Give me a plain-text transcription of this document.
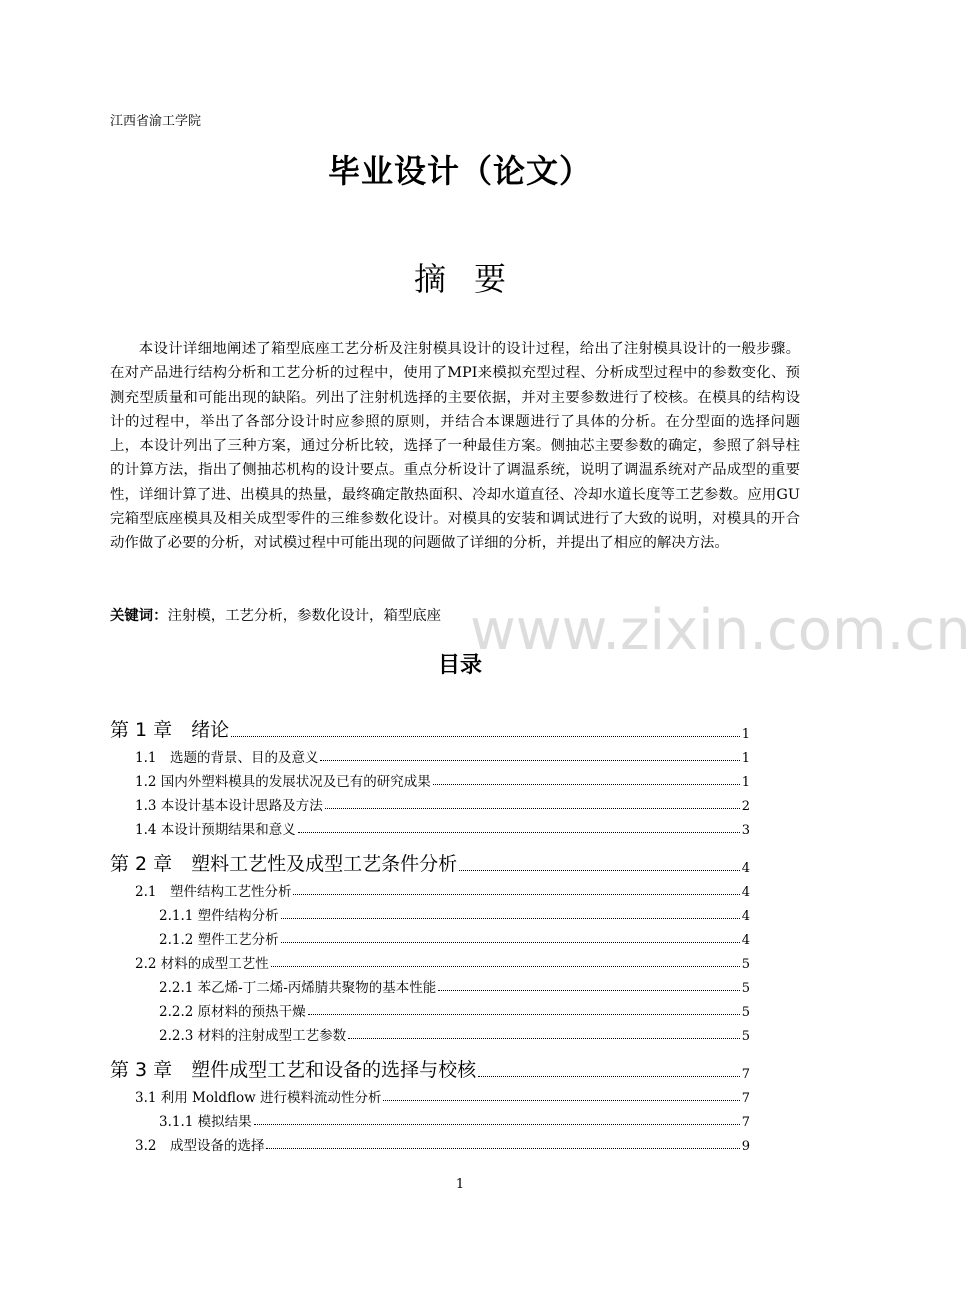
江西省渝工学院
毕业设计（论文）
摘要
本设计详细地阐述了箱型底座工艺分析及注射模具设计的设计过程，给出了注射模具设计的一般步骤。在对产品进行结构分析和工艺分析的过程中，使用了MPI来模拟充型过程、分析成型过程中的参数变化、预测充型质量和可能出现的缺陷。列出了注射机选择的主要依据，并对主要参数进行了校核。在模具的结构设计的过程中，举出了各部分设计时应参照的原则，并结合本课题进行了具体的分析。在分型面的选择问题上，本设计列出了三种方案，通过分析比较，选择了一种最佳方案。侧抽芯主要参数的确定，参照了斜导柱的计算方法，指出了侧抽芯机构的设计要点。重点分析设计了调温系统，说明了调温系统对产品成型的重要性，详细计算了进、出模具的热量，最终确定散热面积、冷却水道直径、冷却水道长度等工艺参数。应用GU完箱型底座模具及相关成型零件的三维参数化设计。对模具的安装和调试进行了大致的说明，对模具的开合动作做了必要的分析，对试模过程中可能出现的问题做了详细的分析，并提出了相应的解决方法。
关键词：注射模，工艺分析，参数化设计，箱型底座 www.zixin.com.cn
目录
第 1 章　绪论	1
1.1　选题的背景、目的及意义	1
1.2 国内外塑料模具的发展状况及已有的研究成果	1
1.3 本设计基本设计思路及方法	2
1.4 本设计预期结果和意义	3
第 2 章　塑料工艺性及成型工艺条件分析	4
2.1　塑件结构工艺性分析	4
2.1.1 塑件结构分析	4
2.1.2 塑件工艺分析	4
2.2 材料的成型工艺性	5
2.2.1 苯乙烯-丁二烯-丙烯腈共聚物的基本性能	5
2.2.2 原材料的预热干燥	5
2.2.3 材料的注射成型工艺参数	5
第 3 章　塑件成型工艺和设备的选择与校核	7
3.1 利用 Moldflow 进行模料流动性分析	7
3.1.1 模拟结果	7
3.2　成型设备的选择	9
1
